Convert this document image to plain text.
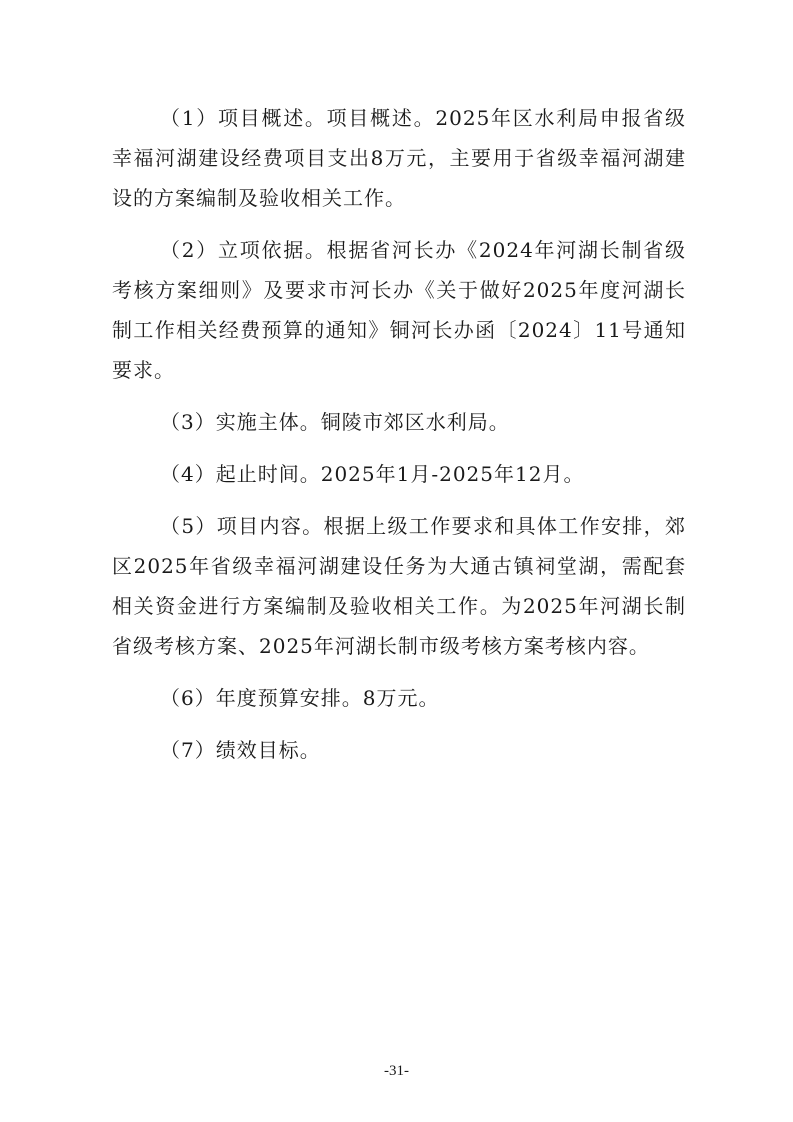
（1）项目概述。项目概述。2025年区水利局申报省级幸福河湖建设经费项目支出8万元，主要用于省级幸福河湖建设的方案编制及验收相关工作。

（2）立项依据。根据省河长办《2024年河湖长制省级考核方案细则》及要求市河长办《关于做好2025年度河湖长制工作相关经费预算的通知》铜河长办函〔2024〕11号通知要求。

（3）实施主体。铜陵市郊区水利局。

（4）起止时间。2025年1月-2025年12月。

（5）项目内容。根据上级工作要求和具体工作安排，郊区2025年省级幸福河湖建设任务为大通古镇祠堂湖，需配套相关资金进行方案编制及验收相关工作。为2025年河湖长制省级考核方案、2025年河湖长制市级考核方案考核内容。

（6）年度预算安排。8万元。

（7）绩效目标。

-31-
